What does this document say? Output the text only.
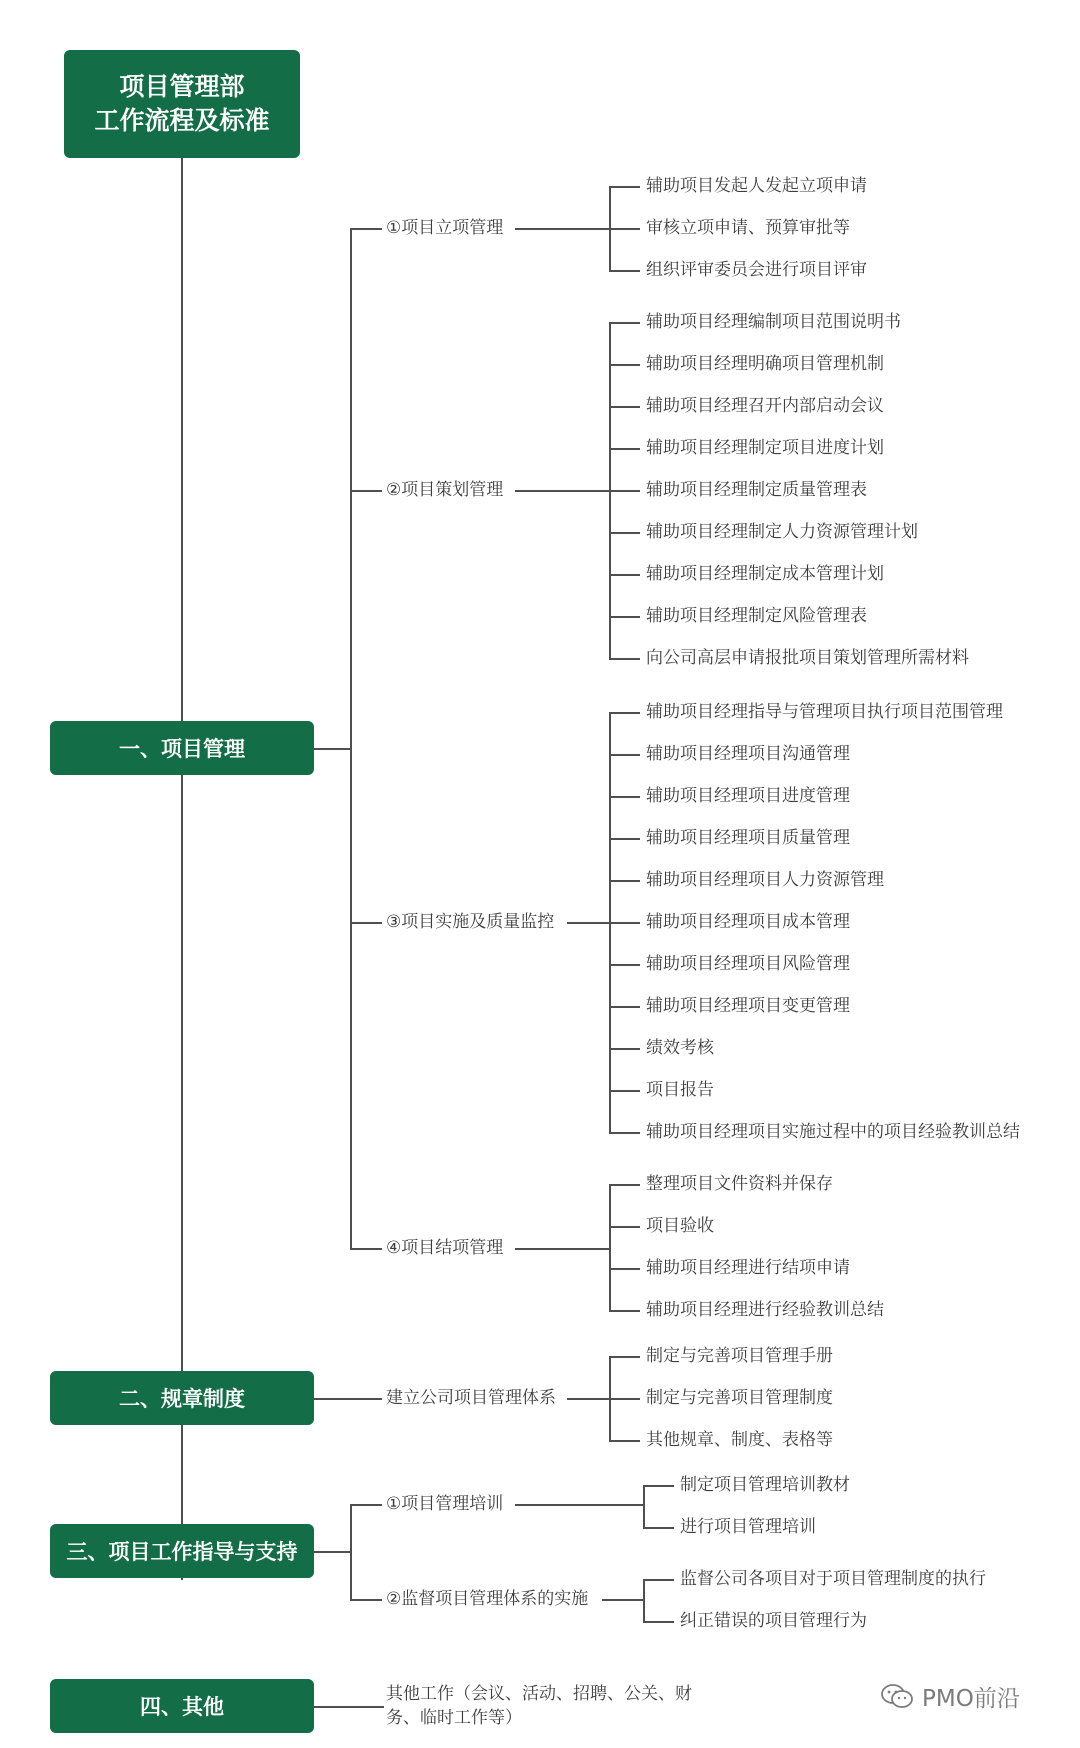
项目管理部
工作流程及标准
一、项目管理
①项目立项管理
辅助项目发起人发起立项申请
审核立项申请、预算审批等
组织评审委员会进行项目评审
②项目策划管理
辅助项目经理编制项目范围说明书
辅助项目经理明确项目管理机制
辅助项目经理召开内部启动会议
辅助项目经理制定项目进度计划
辅助项目经理制定质量管理表
辅助项目经理制定人力资源管理计划
辅助项目经理制定成本管理计划
辅助项目经理制定风险管理表
向公司高层申请报批项目策划管理所需材料
③项目实施及质量监控
辅助项目经理指导与管理项目执行项目范围管理
辅助项目经理项目沟通管理
辅助项目经理项目进度管理
辅助项目经理项目质量管理
辅助项目经理项目人力资源管理
辅助项目经理项目成本管理
辅助项目经理项目风险管理
辅助项目经理项目变更管理
绩效考核
项目报告
辅助项目经理项目实施过程中的项目经验教训总结
④项目结项管理
整理项目文件资料并保存
项目验收
辅助项目经理进行结项申请
辅助项目经理进行经验教训总结
二、规章制度	建立公司项目管理体系
制定与完善项目管理手册
制定与完善项目管理制度
其他规章、制度、表格等
三、项目工作指导与支持
①项目管理培训
制定项目管理培训教材
进行项目管理培训
②监督项目管理体系的实施
监督公司各项目对于项目管理制度的执行
纠正错误的项目管理行为
四、其他
其他工作（会议、活动、招聘、公关、财务、临时工作等）
PMO前沿
